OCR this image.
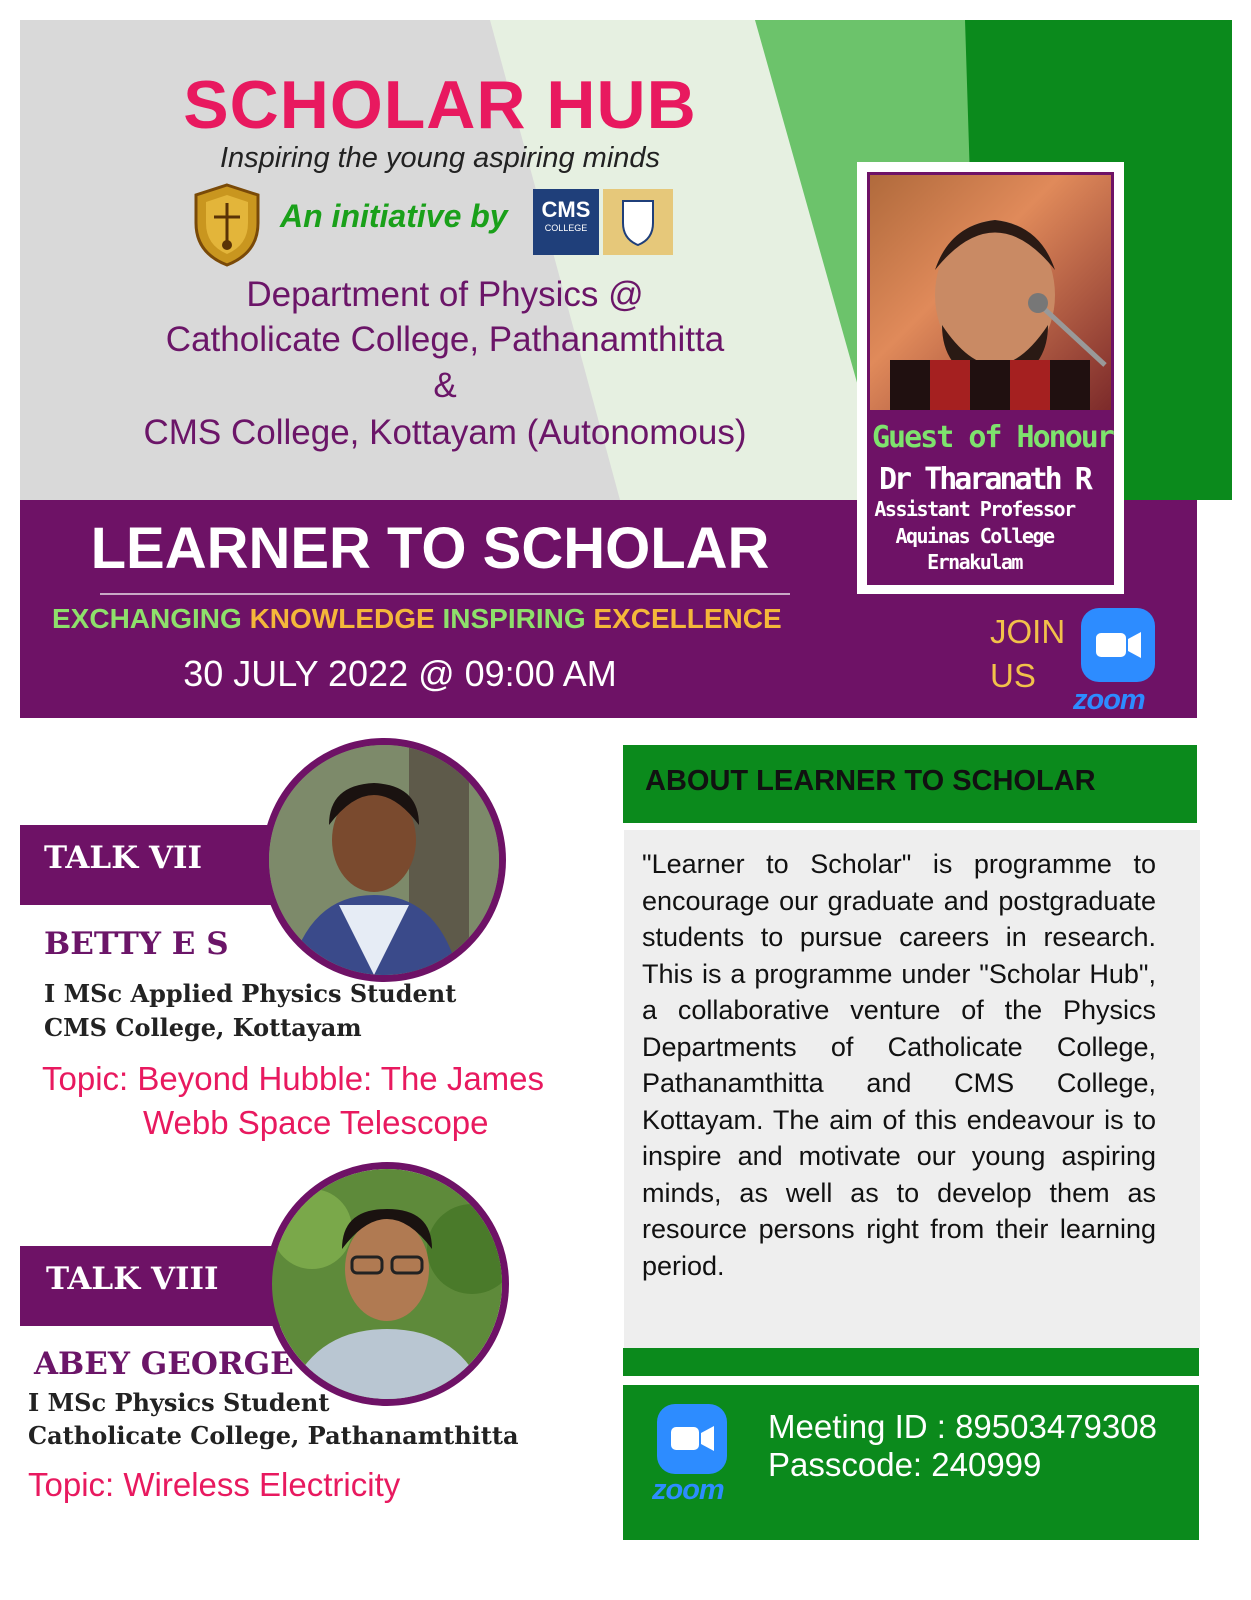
SCHOLAR HUB
Inspiring the young aspiring minds
An initiative by	CMS
COLLEGE
Department of Physics @
Catholicate College, Pathanamthitta
&
CMS College, Kottayam (Autonomous)
LEARNER TO SCHOLAR
EXCHANGING KNOWLEDGE INSPIRING EXCELLENCE
30 JULY 2022 @ 09:00 AM
JOIN
US
zoom
Guest of Honour
Dr Tharanath R
Assistant Professor
Aquinas College
Ernakulam
TALK VII
BETTY E S
I MSc Applied Physics Student
CMS College, Kottayam
Topic: Beyond Hubble: The James
Webb Space Telescope
TALK VIII
ABEY GEORGE
I MSc Physics Student
Catholicate College, Pathanamthitta
Topic: Wireless Electricity
ABOUT LEARNER TO SCHOLAR
"Learner to Scholar" is programme to encourage our graduate and postgraduate students to pursue careers in research. This is a programme under "Scholar Hub", a collaborative venture of the Physics Departments of Catholicate College, Pathanamthitta and CMS College, Kottayam. The aim of this endeavour is to inspire and motivate our young aspiring minds, as well as to develop them as resource persons right from their learning period.
zoom
Meeting ID : 89503479308
Passcode: 240999
